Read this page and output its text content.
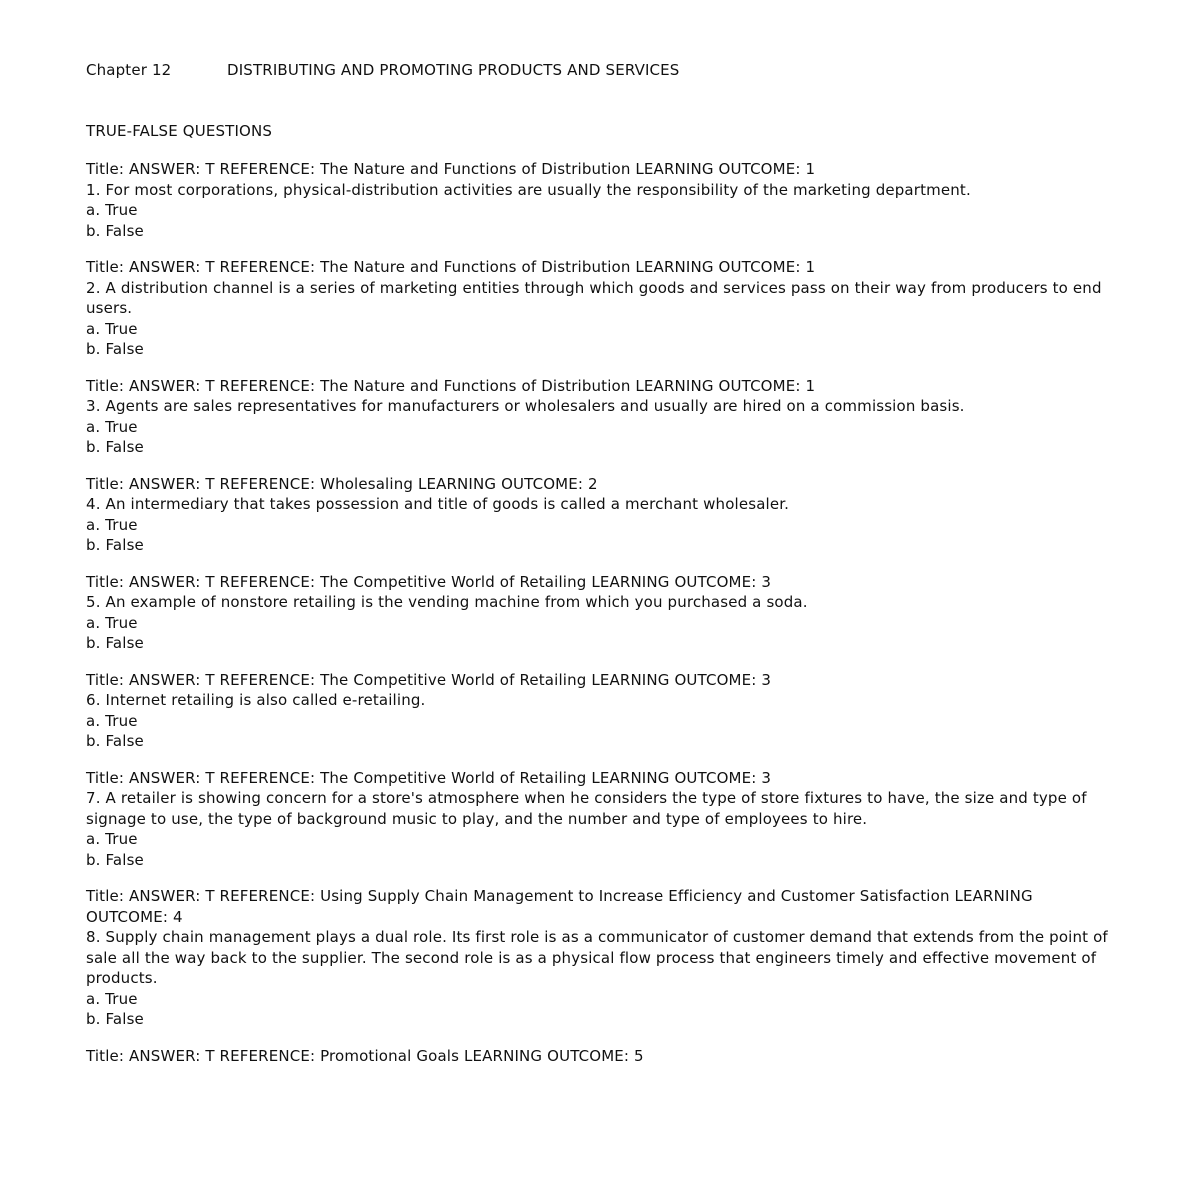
Chapter 12	DISTRIBUTING AND PROMOTING PRODUCTS AND SERVICES
TRUE-FALSE QUESTIONS
Title: ANSWER: T REFERENCE: The Nature and Functions of Distribution LEARNING OUTCOME: 1
1. For most corporations, physical-distribution activities are usually the responsibility of the marketing department.
a. True
b. False
Title: ANSWER: T REFERENCE: The Nature and Functions of Distribution LEARNING OUTCOME: 1
2. A distribution channel is a series of marketing entities through which goods and services pass on their way from producers to end users.
a. True
b. False
Title: ANSWER: T REFERENCE: The Nature and Functions of Distribution LEARNING OUTCOME: 1
3. Agents are sales representatives for manufacturers or wholesalers and usually are hired on a commission basis.
a. True
b. False
Title: ANSWER: T REFERENCE: Wholesaling LEARNING OUTCOME: 2
4. An intermediary that takes possession and title of goods is called a merchant wholesaler.
a. True
b. False
Title: ANSWER: T REFERENCE: The Competitive World of Retailing LEARNING OUTCOME: 3
5. An example of nonstore retailing is the vending machine from which you purchased a soda.
a. True
b. False
Title: ANSWER: T REFERENCE: The Competitive World of Retailing LEARNING OUTCOME: 3
6. Internet retailing is also called e-retailing.
a. True
b. False
Title: ANSWER: T REFERENCE: The Competitive World of Retailing LEARNING OUTCOME: 3
7. A retailer is showing concern for a store's atmosphere when he considers the type of store fixtures to have, the size and type of signage to use, the type of background music to play, and the number and type of employees to hire.
a. True
b. False
Title: ANSWER: T REFERENCE: Using Supply Chain Management to Increase Efficiency and Customer Satisfaction LEARNING OUTCOME: 4
8. Supply chain management plays a dual role. Its first role is as a communicator of customer demand that extends from the point of sale all the way back to the supplier. The second role is as a physical flow process that engineers timely and effective movement of products.
a. True
b. False
Title: ANSWER: T REFERENCE: Promotional Goals LEARNING OUTCOME: 5
